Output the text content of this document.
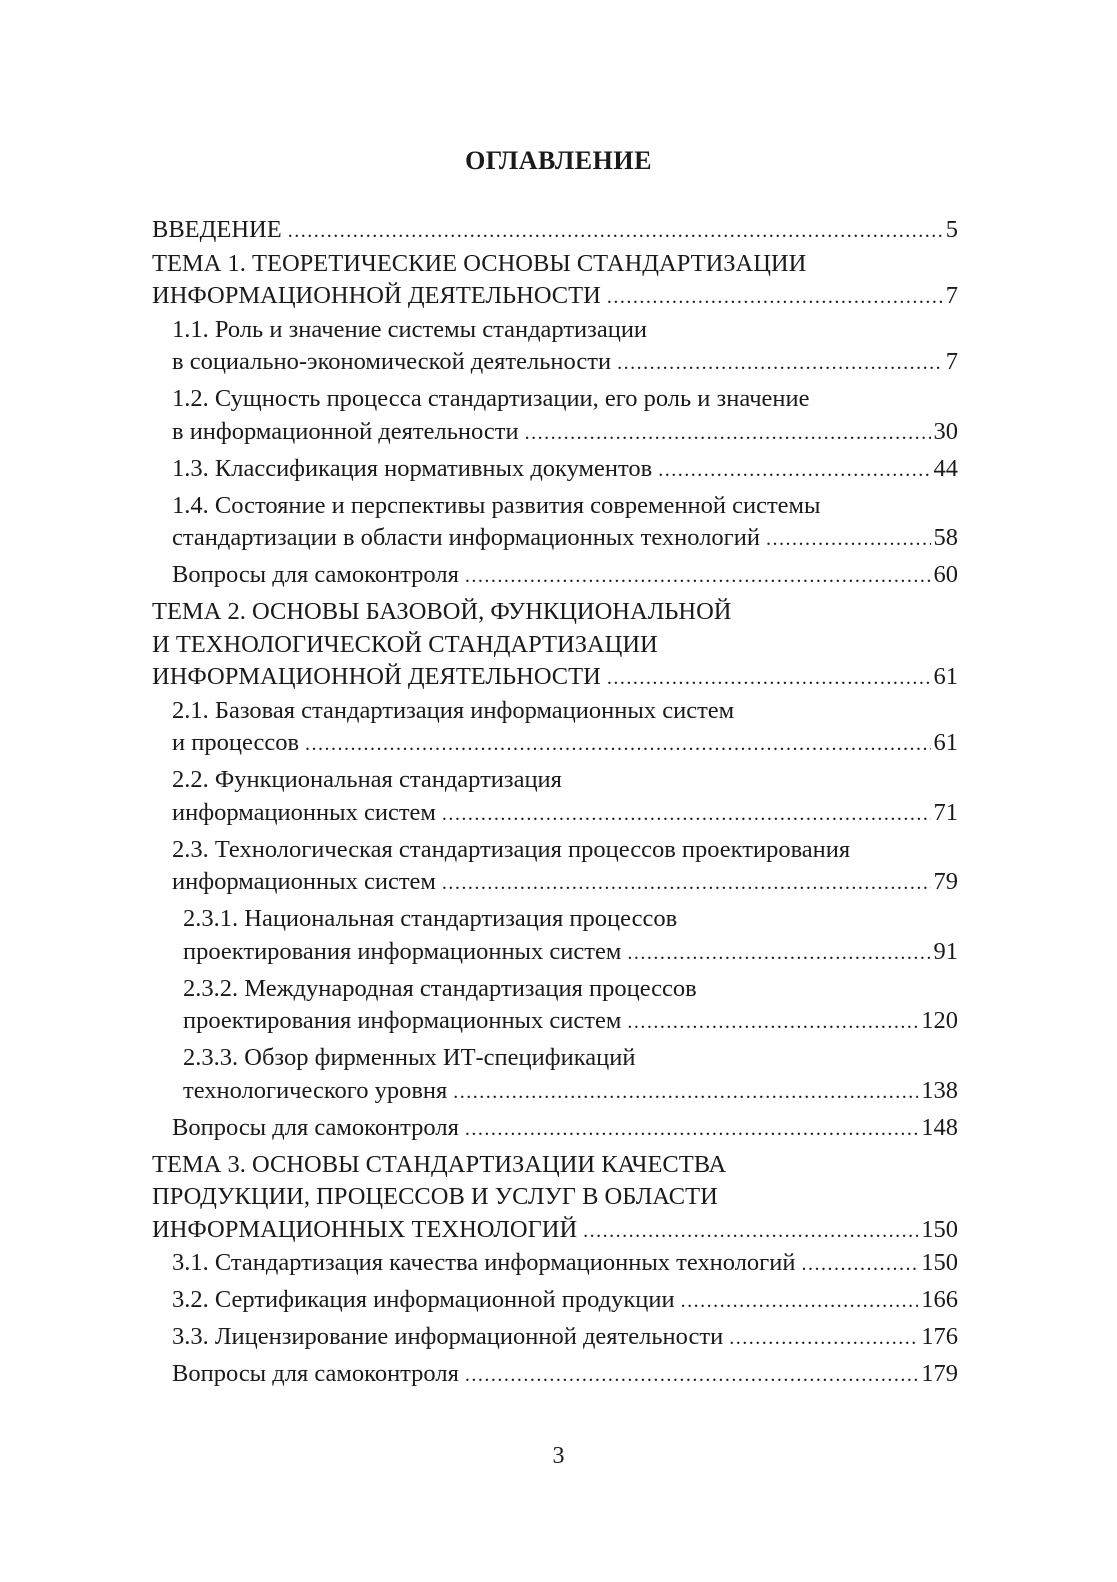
ОГЛАВЛЕНИЕ
ВВЕДЕНИЕ .....	5
ТЕМА 1. ТЕОРЕТИЧЕСКИЕ ОСНОВЫ СТАНДАРТИЗАЦИИ
ИНФОРМАЦИОННОЙ ДЕЯТЕЛЬНОСТИ .....	7
1.1. Роль и значение системы стандартизации
в социально-экономической деятельности .....	7
1.2. Сущность процесса стандартизации, его роль и значение
в информационной деятельности .....	30
1.3. Классификация нормативных документов .....	44
1.4. Состояние и перспективы развития современной системы
стандартизации в области информационных технологий .....	58
Вопросы для самоконтроля .....	60
ТЕМА 2. ОСНОВЫ БАЗОВОЙ, ФУНКЦИОНАЛЬНОЙ
И ТЕХНОЛОГИЧЕСКОЙ СТАНДАРТИЗАЦИИ
ИНФОРМАЦИОННОЙ ДЕЯТЕЛЬНОСТИ .....	61
2.1. Базовая стандартизация информационных систем
и процессов .....	61
2.2. Функциональная стандартизация
информационных систем .....	71
2.3. Технологическая стандартизация процессов проектирования
информационных систем .....	79
2.3.1. Национальная стандартизация процессов
проектирования информационных систем .....	91
2.3.2. Международная стандартизация процессов
проектирования информационных систем .....	120
2.3.3. Обзор фирменных ИТ-спецификаций
технологического уровня .....	138
Вопросы для самоконтроля .....	148
ТЕМА 3. ОСНОВЫ СТАНДАРТИЗАЦИИ КАЧЕСТВА
ПРОДУКЦИИ, ПРОЦЕССОВ И УСЛУГ В ОБЛАСТИ
ИНФОРМАЦИОННЫХ ТЕХНОЛОГИЙ .....	150
3.1. Стандартизация качества информационных технологий .....	150
3.2. Сертификация информационной продукции .....	166
3.3. Лицензирование информационной деятельности .....	176
Вопросы для самоконтроля .....	179
3
